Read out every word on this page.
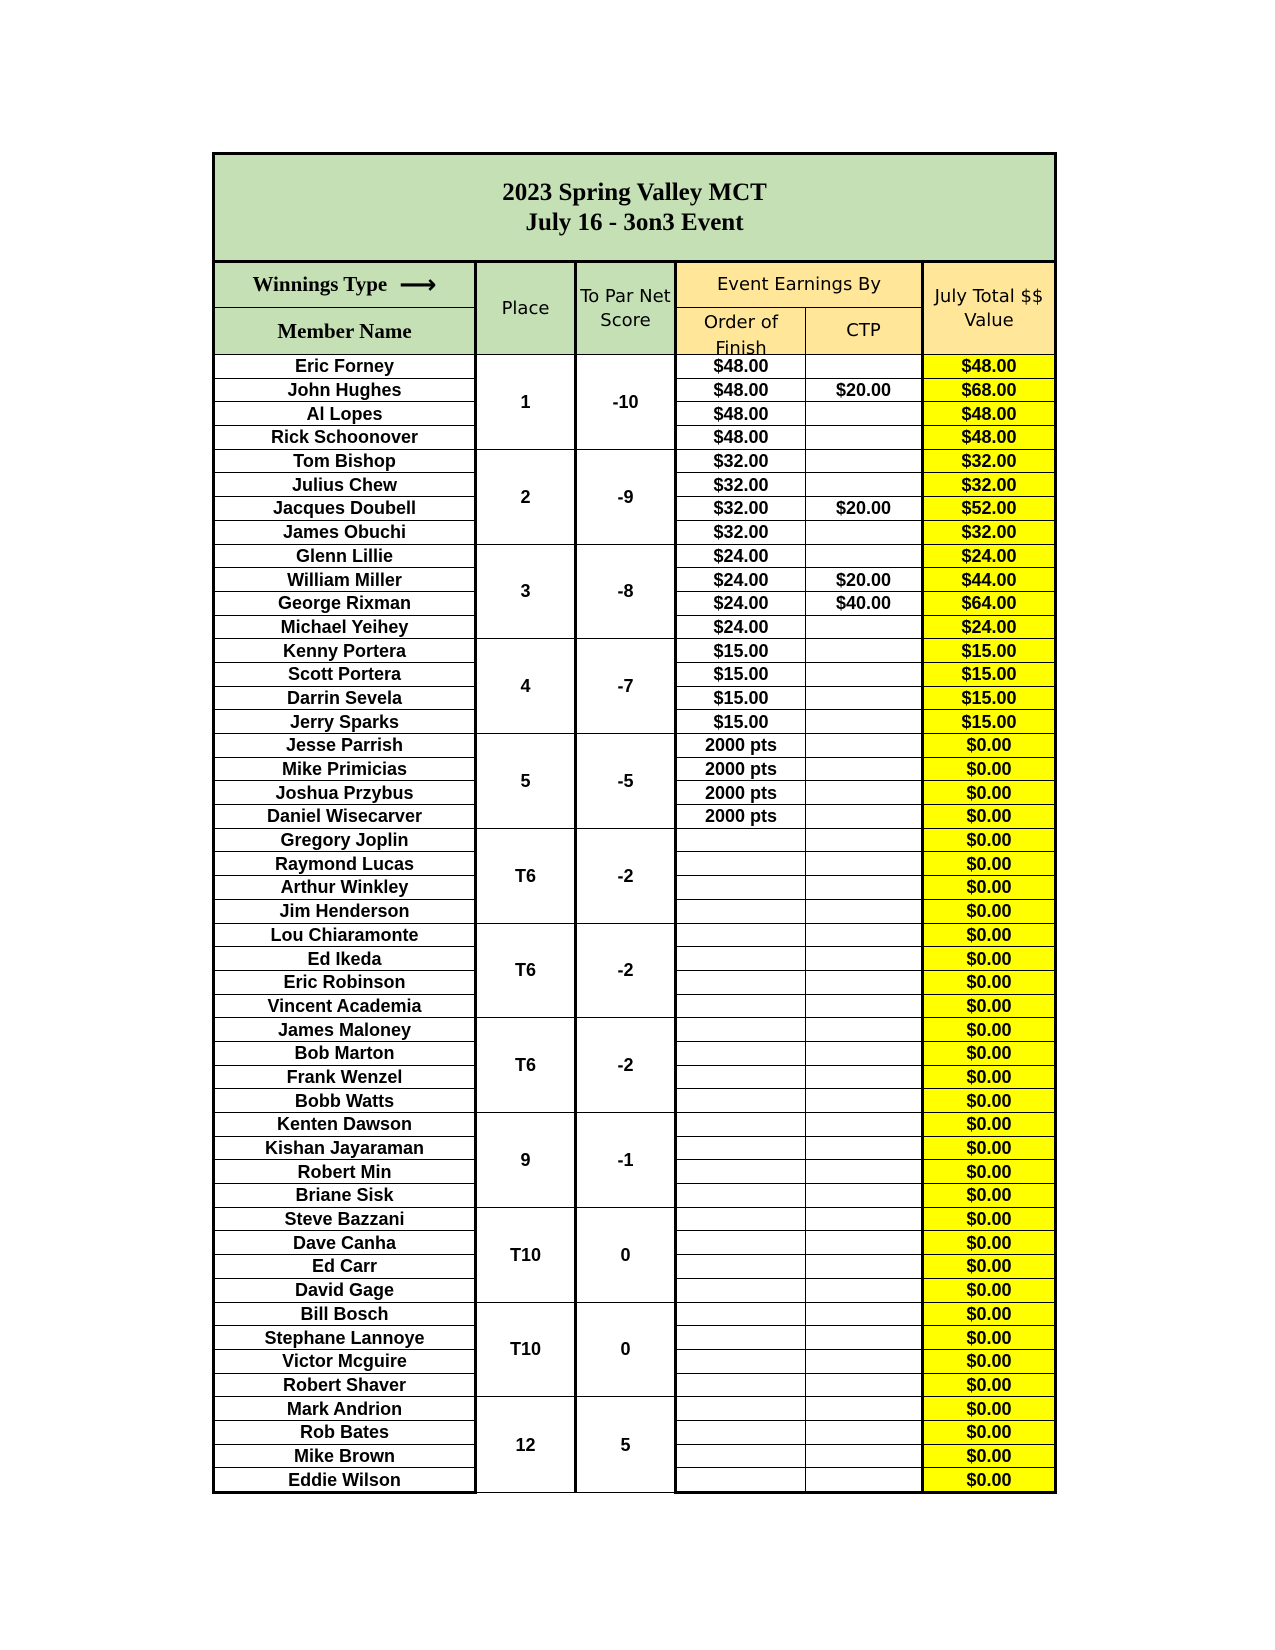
2023 Spring Valley MCT
July 16 - 3on3 Event					

Winnings Type ⟶	Place	To Par Net Score	Event Earnings By		July Total $$ Value
Member Name			Order of Finish	CTP	
Eric Forney	1	-10	$48.00		$48.00
John Hughes			$48.00	$20.00	$68.00
Al Lopes			$48.00		$48.00
Rick Schoonover			$48.00		$48.00
Tom Bishop	2	-9	$32.00		$32.00
Julius Chew			$32.00		$32.00
Jacques Doubell			$32.00	$20.00	$52.00
James Obuchi			$32.00		$32.00
Glenn Lillie	3	-8	$24.00		$24.00
William Miller			$24.00	$20.00	$44.00
George Rixman			$24.00	$40.00	$64.00
Michael Yeihey			$24.00		$24.00
Kenny Portera	4	-7	$15.00		$15.00
Scott Portera			$15.00		$15.00
Darrin Sevela			$15.00		$15.00
Jerry Sparks			$15.00		$15.00
Jesse Parrish	5	-5	2000 pts		$0.00
Mike Primicias			2000 pts		$0.00
Joshua Przybus			2000 pts		$0.00
Daniel Wisecarver			2000 pts		$0.00
Gregory Joplin	T6	-2			$0.00
Raymond Lucas					$0.00
Arthur Winkley					$0.00
Jim Henderson					$0.00
Lou Chiaramonte	T6	-2			$0.00
Ed Ikeda					$0.00
Eric Robinson					$0.00
Vincent Academia					$0.00
James Maloney	T6	-2			$0.00
Bob Marton					$0.00
Frank Wenzel					$0.00
Bobb Watts					$0.00
Kenten Dawson	9	-1			$0.00
Kishan Jayaraman					$0.00
Robert Min					$0.00
Briane Sisk					$0.00
Steve Bazzani	T10	0			$0.00
Dave Canha					$0.00
Ed Carr					$0.00
David Gage					$0.00
Bill Bosch	T10	0			$0.00
Stephane Lannoye					$0.00
Victor Mcguire					$0.00
Robert Shaver					$0.00
Mark Andrion	12	5			$0.00
Rob Bates					$0.00
Mike Brown					$0.00
Eddie Wilson					$0.00
